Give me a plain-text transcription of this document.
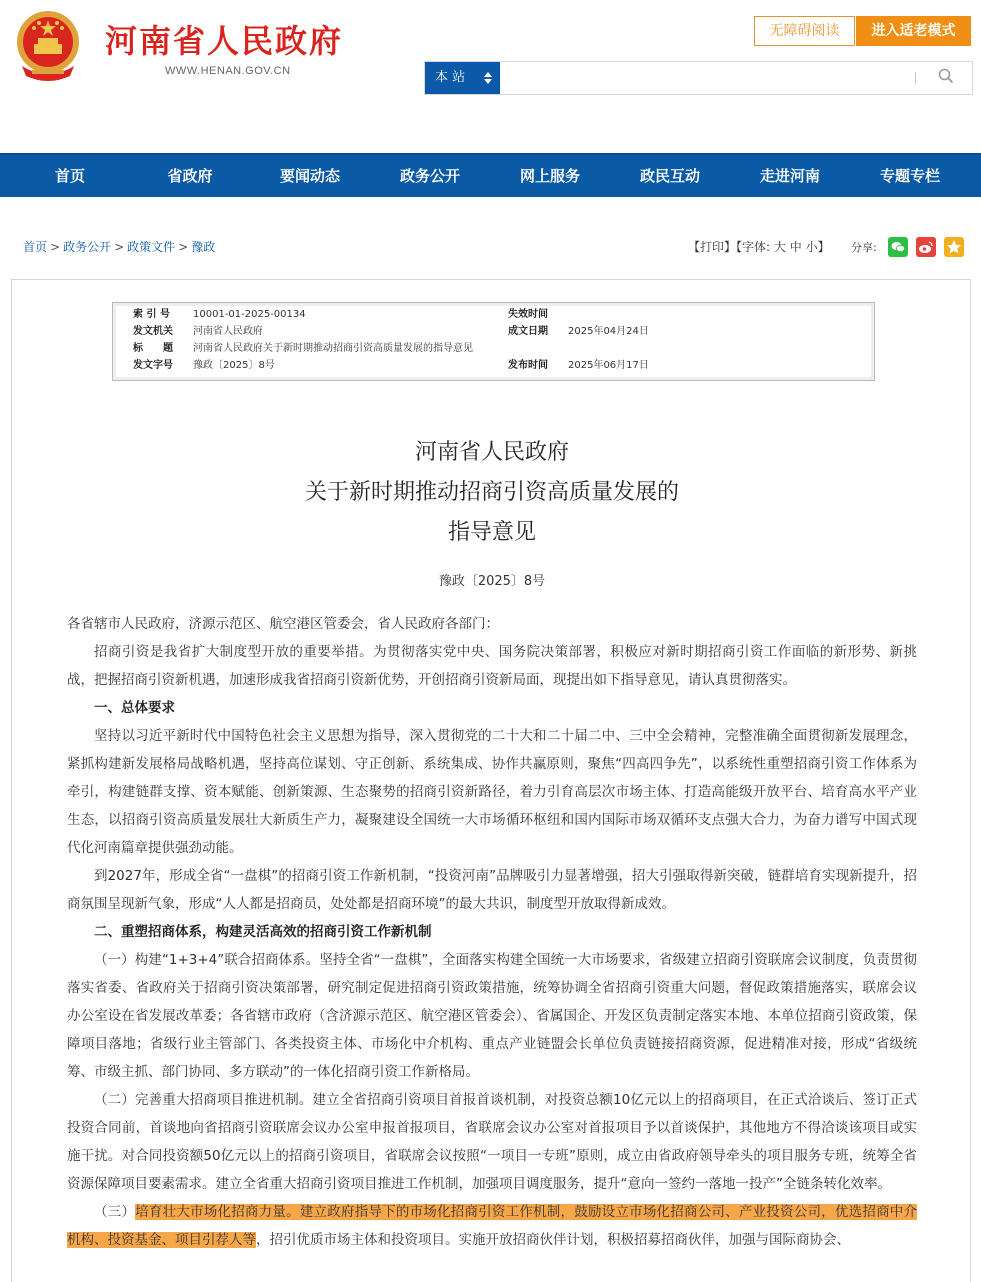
河南省人民政府
WWW.HENAN.GOV.CN
无障碍阅读	进入适老模式
本 站
首页	省政府	要闻动态	政务公开	网上服务	政民互动	走进河南	专题专栏
首页 > 政务公开 > 政策文件 > 豫政	【打印】【字体: 大 中 小】 分享:
索 引 号 10001-01-2025-00134	失效时间
发文机关 河南省人民政府	成文日期 2025年04月24日
标　　题 河南省人民政府关于新时期推动招商引资高质量发展的指导意见
发文字号 豫政〔2025〕8号	发布时间 2025年06月17日
河南省人民政府
关于新时期推动招商引资高质量发展的
指导意见
豫政〔2025〕8号

各省辖市人民政府，济源示范区、航空港区管委会，省人民政府各部门：

招商引资是我省扩大制度型开放的重要举措。为贯彻落实党中央、国务院决策部署，积极应对新时期招商引资工作面临的新形势、新挑战，把握招商引资新机遇，加速形成我省招商引资新优势，开创招商引资新局面，现提出如下指导意见，请认真贯彻落实。

一、总体要求

坚持以习近平新时代中国特色社会主义思想为指导，深入贯彻党的二十大和二十届二中、三中全会精神，完整准确全面贯彻新发展理念，紧抓构建新发展格局战略机遇，坚持高位谋划、守正创新、系统集成、协作共赢原则，聚焦“四高四争先”，以系统性重塑招商引资工作体系为牵引，构建链群支撑、资本赋能、创新策源、生态聚势的招商引资新路径，着力引育高层次市场主体、打造高能级开放平台、培育高水平产业生态，以招商引资高质量发展壮大新质生产力，凝聚建设全国统一大市场循环枢纽和国内国际市场双循环支点强大合力，为奋力谱写中国式现代化河南篇章提供强劲动能。

到2027年，形成全省“一盘棋”的招商引资工作新机制，“投资河南”品牌吸引力显著增强，招大引强取得新突破，链群培育实现新提升，招商氛围呈现新气象，形成“人人都是招商员，处处都是招商环境”的最大共识，制度型开放取得新成效。

二、重塑招商体系，构建灵活高效的招商引资工作新机制

（一）构建“1+3+4”联合招商体系。坚持全省“一盘棋”，全面落实构建全国统一大市场要求，省级建立招商引资联席会议制度，负责贯彻落实省委、省政府关于招商引资决策部署，研究制定促进招商引资政策措施，统筹协调全省招商引资重大问题，督促政策措施落实，联席会议办公室设在省发展改革委；各省辖市政府（含济源示范区、航空港区管委会）、省属国企、开发区负责制定落实本地、本单位招商引资政策，保障项目落地；省级行业主管部门、各类投资主体、市场化中介机构、重点产业链盟会长单位负责链接招商资源，促进精准对接，形成“省级统筹、市级主抓、部门协同、多方联动”的一体化招商引资工作新格局。

（二）完善重大招商项目推进机制。建立全省招商引资项目首报首谈机制，对投资总额10亿元以上的招商项目，在正式洽谈后、签订正式投资合同前，首谈地向省招商引资联席会议办公室申报首报项目，省联席会议办公室对首报项目予以首谈保护，其他地方不得洽谈该项目或实施干扰。对合同投资额50亿元以上的招商引资项目，省联席会议按照“一项目一专班”原则，成立由省政府领导牵头的项目服务专班，统筹全省资源保障项目要素需求。建立全省重大招商引资项目推进工作机制，加强项目调度服务，提升“意向一签约一落地一投产”全链条转化效率。

（三）培育壮大市场化招商力量。建立政府指导下的市场化招商引资工作机制，鼓励设立市场化招商公司、产业投资公司，优选招商中介机构、投资基金、项目引荐人等，招引优质市场主体和投资项目。实施开放招商伙伴计划，积极招募招商伙伴，加强与国际商协会、
